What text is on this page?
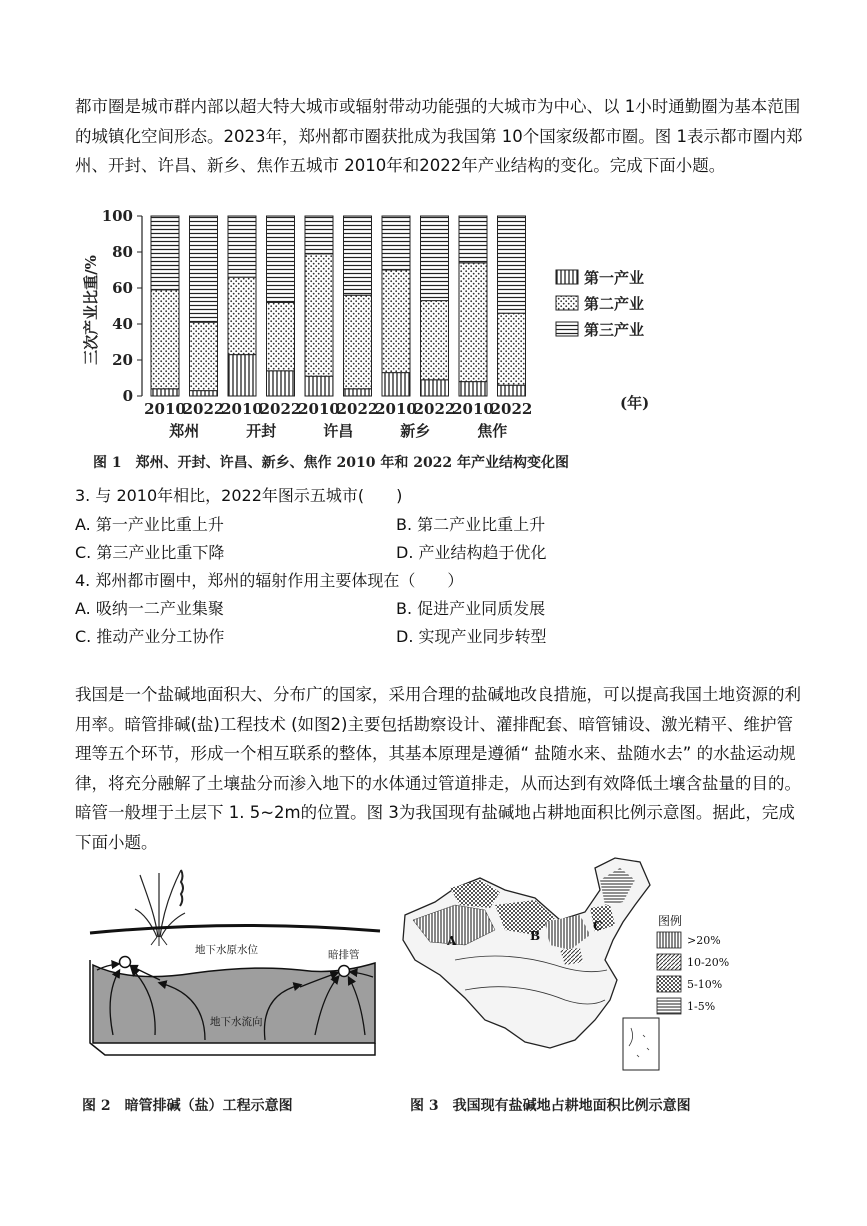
都市圈是城市群内部以超大特大城市或辐射带动功能强的大城市为中心、以 1小时通勤圈为基本范围的城镇化空间形态。2023年，郑州都市圈获批成为我国第 10个国家级都市圈。图 1表示都市圈内郑州、开封、许昌、新乡、焦作五城市 2010年和2022年产业结构的变化。完成下面小题。

三次产业比重/%
0
20
40
60
80
100
2010
2022
2010
2022
2010
2022
2010
2022
2010
2022
郑州	开封	许昌	新乡	焦作
第一产业
第二产业
第三产业
(年)
图 1　郑州、开封、许昌、新乡、焦作 2010 年和 2022 年产业结构变化图
3. 与 2010年相比，2022年图示五城市(　　)
A. 第一产业比重上升	B. 第二产业比重上升
C. 第三产业比重下降	D. 产业结构趋于优化
4. 郑州都市圈中，郑州的辐射作用主要体现在（　　）
A. 吸纳一二产业集聚	B. 促进产业同质发展
C. 推动产业分工协作	D. 实现产业同步转型

我国是一个盐碱地面积大、分布广的国家，采用合理的盐碱地改良措施，可以提高我国土地资源的利用率。暗管排碱(盐)工程技术 (如图2)主要包括勘察设计、灌排配套、暗管铺设、激光精平、维护管理等五个环节，形成一个相互联系的整体，其基本原理是遵循“ 盐随水来、盐随水去” 的水盐运动规律，将充分融解了土壤盐分而渗入地下的水体通过管道排走，从而达到有效降低土壤含盐量的目的。暗管一般埋于土层下 1. 5~2m的位置。图 3为我国现有盐碱地占耕地面积比例示意图。据此，完成下面小题。

地下水原水位	暗排管
地下水流向
图 2　暗管排碱（盐）工程示意图
A	B
C	图例
>20%
10-20%
5-10%
1-5%
图 3　我国现有盐碱地占耕地面积比例示意图
